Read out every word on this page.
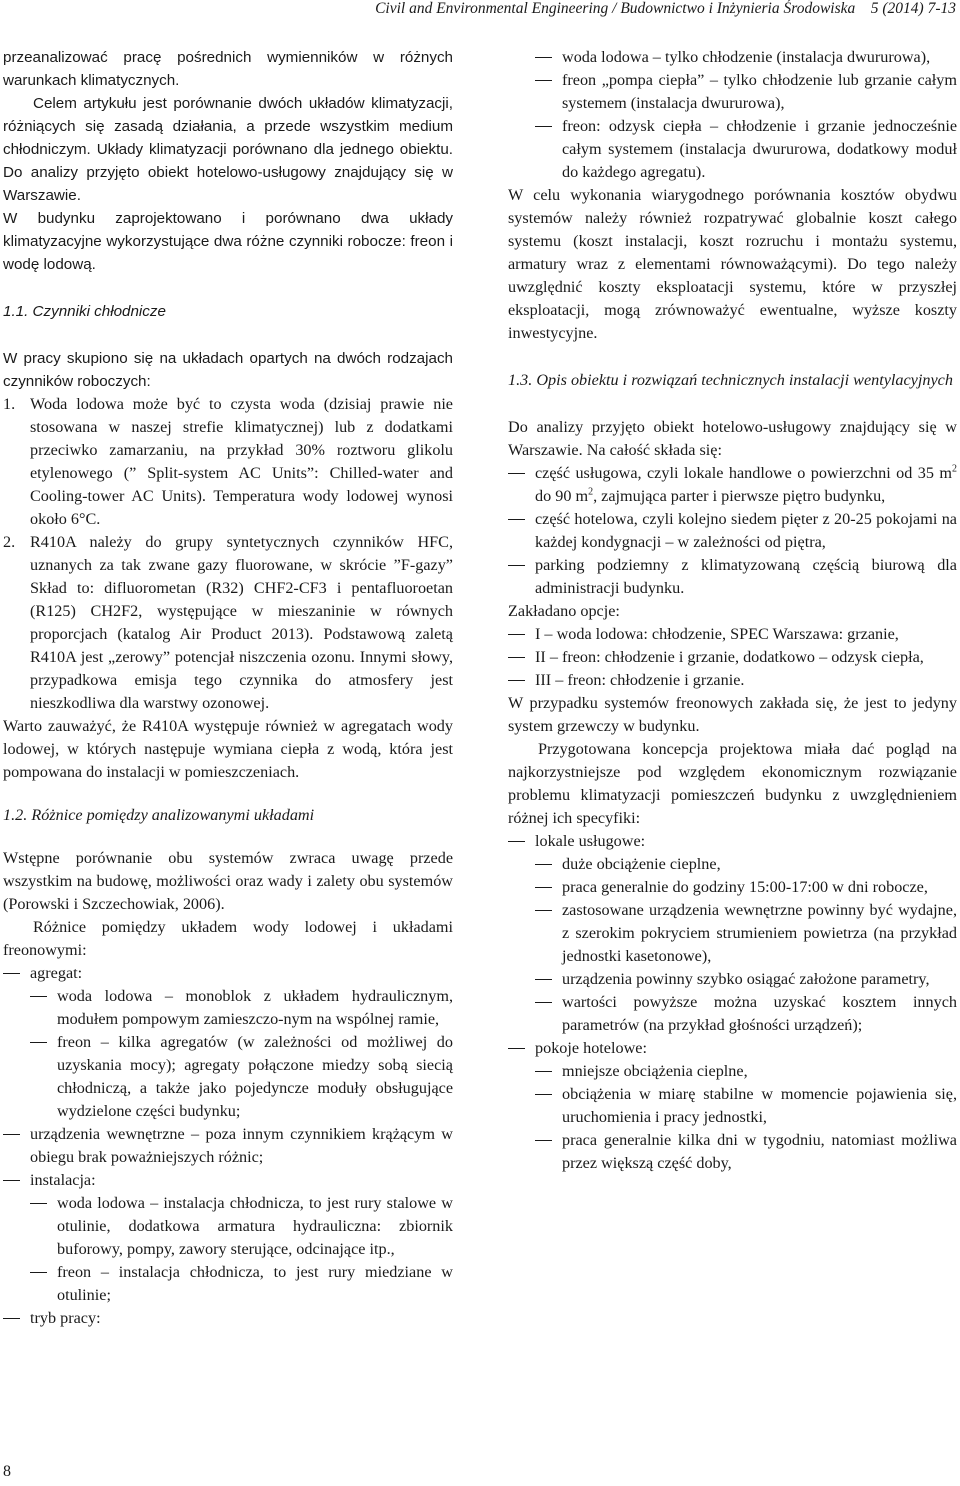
Civil and Environmental Engineering / Budownictwo i Inżynieria Środowiska 5 (2014) 7-13

przeanalizować pracę pośrednich wymienników w różnych warunkach klimatycznych.

Celem artykułu jest porównanie dwóch układów klimatyzacji, różniących się zasadą działania, a przede wszystkim medium chłodniczym. Układy klimatyzacji porównano dla jednego obiektu. Do analizy przyjęto obiekt hotelowo-usługowy znajdujący się w Warszawie.

W budynku zaprojektowano i porównano dwa układy klimatyzacyjne wykorzystujące dwa różne czynniki robocze: freon i wodę lodową.

1.1. Czynniki chłodnicze

W pracy skupiono się na układach opartych na dwóch rodzajach czynników roboczych:

1. Woda lodowa może być to czysta woda (dzisiaj prawie nie stosowana w naszej strefie klimatycznej) lub z dodatkami przeciwko zamarzaniu, na przykład 30% roztworu glikolu etylenowego (” Split-system AC Units”: Chilled-water and Cooling-tower AC Units). Temperatura wody lodowej wynosi około 6°C.
2. R410A należy do grupy syntetycznych czynników HFC, uznanych za tak zwane gazy fluorowane, w skrócie ”F-gazy” Skład to: difluorometan (R32) CHF2-CF3 i pentafluoroetan (R125) CH2F2, występujące w mieszaninie w równych proporcjach (katalog Air Product 2013). Podstawową zaletą R410A jest „zerowy” potencjał niszczenia ozonu. Innymi słowy, przypadkowa emisja tego czynnika do atmosfery jest nieszkodliwa dla warstwy ozonowej.

Warto zauważyć, że R410A występuje również w agregatach wody lodowej, w których następuje wymiana ciepła z wodą, która jest pompowana do instalacji w pomieszczeniach.

1.2. Różnice pomiędzy analizowanymi układami

Wstępne porównanie obu systemów zwraca uwagę przede wszystkim na budowę, możliwości oraz wady i zalety obu systemów (Porowski i Szczechowiak, 2006).

Różnice pomiędzy układem wody lodowej i układami freonowymi:

agregat:
woda lodowa – monoblok z układem hydraulicznym, modułem pompowym zamieszczo-nym na wspólnej ramie,
freon – kilka agregatów (w zależności od możliwej do uzyskania mocy); agregaty połączone miedzy sobą siecią chłodniczą, a także jako pojedyncze moduły obsługujące wydzielone części budynku;
urządzenia wewnętrzne – poza innym czynnikiem krążącym w obiegu brak poważniejszych różnic;
instalacja:
woda lodowa – instalacja chłodnicza, to jest rury stalowe w otulinie, dodatkowa armatura hydrauliczna: zbiornik buforowy, pompy, zawory sterujące, odcinające itp.,
freon – instalacja chłodnicza, to jest rury miedziane w otulinie;
tryb pracy:
woda lodowa – tylko chłodzenie (instalacja dwururowa),
freon „pompa ciepła” – tylko chłodzenie lub grzanie całym systemem (instalacja dwururowa),
freon: odzysk ciepła – chłodzenie i grzanie jednocześnie całym systemem (instalacja dwururowa, dodatkowy moduł do każdego agregatu).

W celu wykonania wiarygodnego porównania kosztów obydwu systemów należy również rozpatrywać globalnie koszt całego systemu (koszt instalacji, koszt rozruchu i montażu systemu, armatury wraz z elementami równoważącymi). Do tego należy uwzględnić koszty eksploatacji systemu, które w przyszłej eksploatacji, mogą zrównoważyć ewentualne, wyższe koszty inwestycyjne.

1.3. Opis obiektu i rozwiązań technicznych instalacji wentylacyjnych

Do analizy przyjęto obiekt hotelowo-usługowy znajdujący się w Warszawie. Na całość składa się:

część usługowa, czyli lokale handlowe o powierzchni od 35 $m^2$ do 90 $m^2$, zajmująca parter i pierwsze piętro budynku,
część hotelowa, czyli kolejno siedem pięter z 20-25 pokojami na każdej kondygnacji – w zależności od piętra,
parking podziemny z klimatyzowaną częścią biurową dla administracji budynku.

Zakładano opcje:

I – woda lodowa: chłodzenie, SPEC Warszawa: grzanie,
II – freon: chłodzenie i grzanie, dodatkowo – odzysk ciepła,
III – freon: chłodzenie i grzanie.

W przypadku systemów freonowych zakłada się, że jest to jedyny system grzewczy w budynku.

Przygotowana koncepcja projektowa miała dać pogląd na najkorzystniejsze pod względem ekonomicznym rozwiązanie problemu klimatyzacji pomieszczeń budynku z uwzględnieniem różnej ich specyfiki:

lokale usługowe:
duże obciążenie cieplne,
praca generalnie do godziny 15:00-17:00 w dni robocze,
zastosowane urządzenia wewnętrzne powinny być wydajne, z szerokim pokryciem strumieniem powietrza (na przykład jednostki kasetonowe),
urządzenia powinny szybko osiągać założone parametry,
wartości powyższe można uzyskać kosztem innych parametrów (na przykład głośności urządzeń);
pokoje hotelowe:
mniejsze obciążenia cieplne,
obciążenia w miarę stabilne w momencie pojawienia się, uruchomienia i pracy jednostki,
praca generalnie kilka dni w tygodniu, natomiast możliwa przez większą część doby,
8
